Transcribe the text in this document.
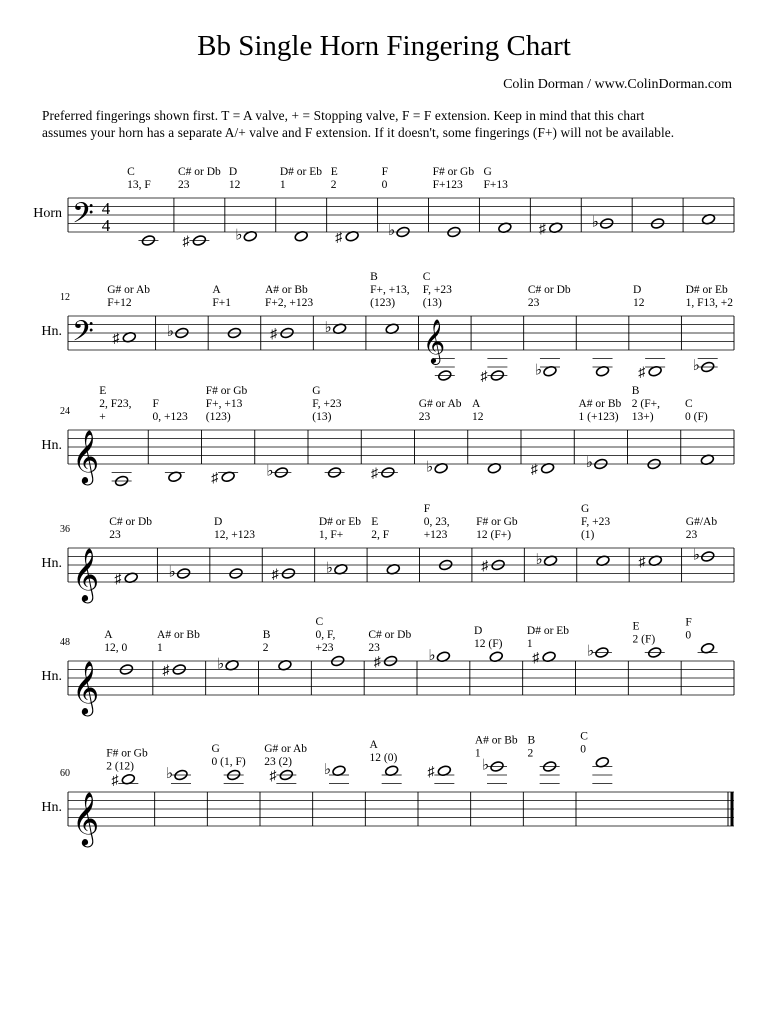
Bb Single Horn Fingering Chart
Colin Dorman / www.ColinDorman.com
Preferred fingerings shown first. T = A valve, + = Stopping valve, F = F extension. Keep in mind that this chart
assumes your horn has a separate A/+ valve and F extension. If it doesn't, some fingerings (F+) will not be available.
Horn 𝄢 4
4
13, F
C
♯
23
C# or Db
♭
12
D
1
D# or Eb
♯
2
E
♭
0
F
F+123
F# or Gb
F+13
G
♯	♭
Hn.
12
𝄢 ♯
F+12
G# or Ab
♭
F+1
A
♯
F+2, +123
A# or Bb
♭
(123)
F+, +13,
B
𝄞
(13)
F, +23
C
♯	♭
23
C# or Db
♯
12
D
♭
1, F13, +2
D# or Eb
Hn.
24
𝄞
+
2, F23,
E
0, +123
F
♯
(123)
F+, +13
F# or Gb
♭
(13)
F, +23
G
♯	♭
23
G# or Ab
12
A
♯	♭
1 (+123)
A# or Bb
13+)
2 (F+,
B
0 (F)
C
Hn.
36
𝄞 ♯
23
C# or Db
♭
12, +123
D
♯	♭
1, F+
D# or Eb
2, F
E
+123
0, 23,
F
♯
12 (F+)
F# or Gb
♭
(1)
F, +23
G
♯	♭
23
G#/Ab
Hn.
48
𝄞
12, 0
A
♯
1
A# or Bb
♭
2
B
+23
0, F,
C
♯
23
C# or Db
♭
12 (F)
D
♯
1
D# or Eb
♭
2 (F)
E
0
F
Hn.
60
𝄞
♯
2 (12)
F# or Gb
♭
0 (1, F)
G
♯
23 (2)
G# or Ab
♭
12 (0)
A
♯	♭
1
A# or Bb
2
B
0
C
